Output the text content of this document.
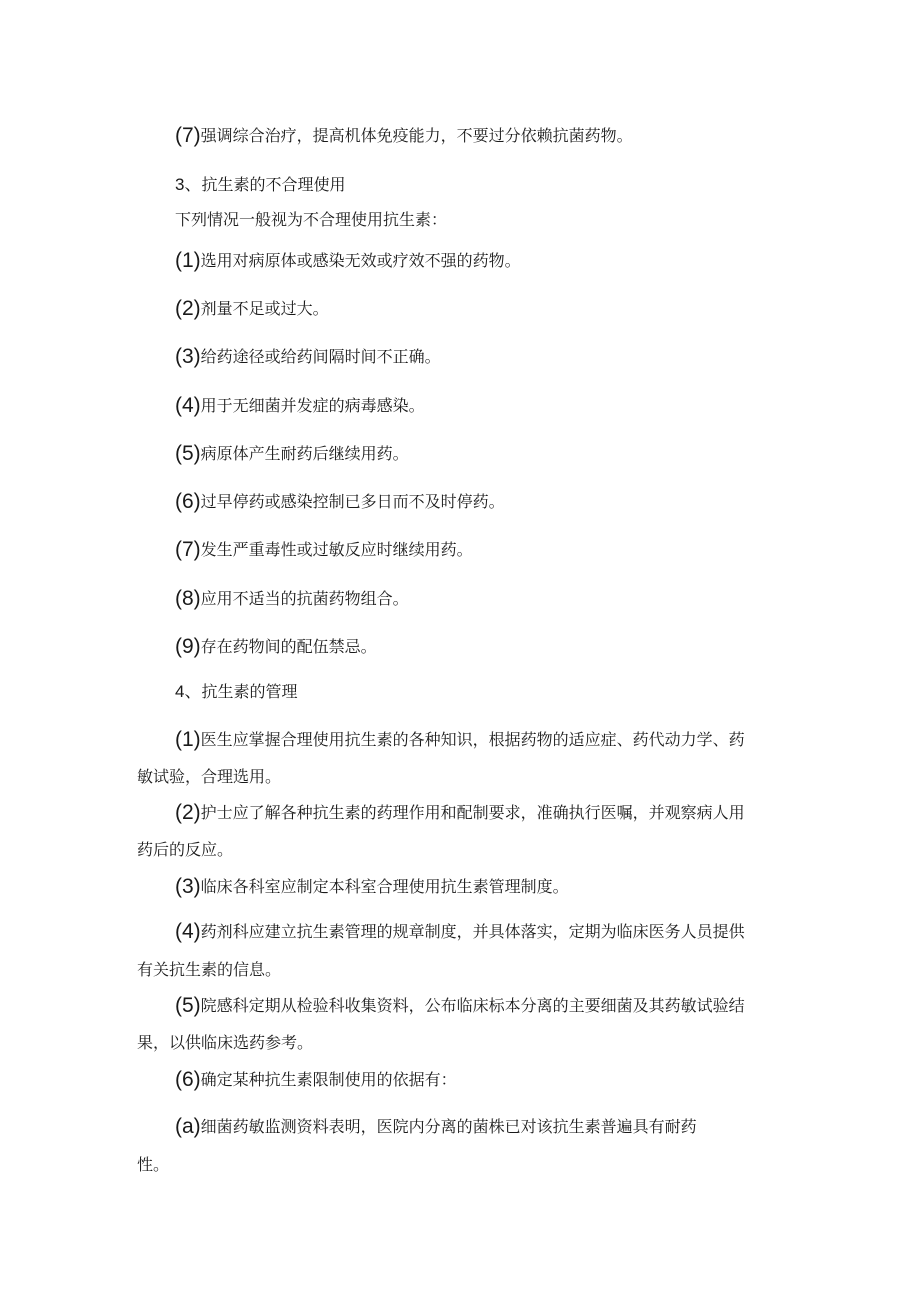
(7)强调综合治疗，提高机体免疫能力，不要过分依赖抗菌药物。
3、抗生素的不合理使用
下列情况一般视为不合理使用抗生素：
(1)选用对病原体或感染无效或疗效不强的药物。
(2)剂量不足或过大。
(3)给药途径或给药间隔时间不正确。
(4)用于无细菌并发症的病毒感染。
(5)病原体产生耐药后继续用药。
(6)过早停药或感染控制已多日而不及时停药。
(7)发生严重毒性或过敏反应时继续用药。
(8)应用不适当的抗菌药物组合。
(9)存在药物间的配伍禁忌。
4、抗生素的管理
(1)医生应掌握合理使用抗生素的各种知识，根据药物的适应症、药代动力学、药
敏试验，合理选用。
(2)护士应了解各种抗生素的药理作用和配制要求，准确执行医嘱，并观察病人用
药后的反应。
(3)临床各科室应制定本科室合理使用抗生素管理制度。
(4)药剂科应建立抗生素管理的规章制度，并具体落实，定期为临床医务人员提供
有关抗生素的信息。
(5)院感科定期从检验科收集资料，公布临床标本分离的主要细菌及其药敏试验结
果，以供临床选药参考。
(6)确定某种抗生素限制使用的依据有：
(a)细菌药敏监测资料表明，医院内分离的菌株已对该抗生素普遍具有耐药
性。
